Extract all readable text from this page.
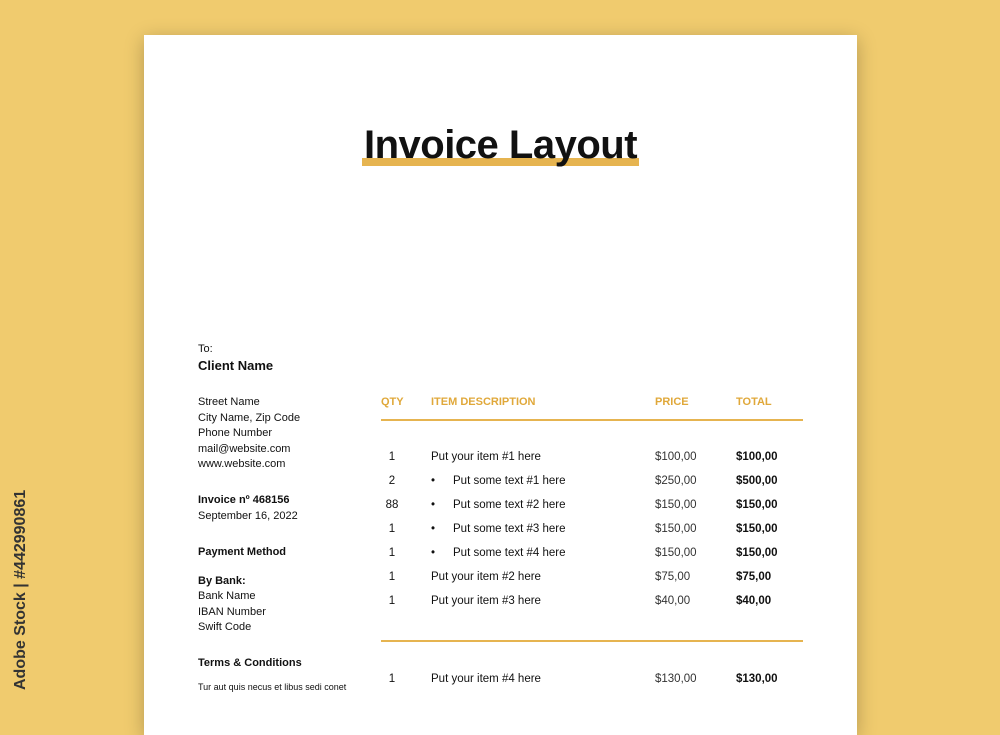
Adobe Stock | #442990861
Invoice Layout
To:
Client Name
Street Name
City Name, Zip Code
Phone Number
mail@website.com
www.website.com
Invoice nº 468156
September 16, 2022
Payment Method
By Bank:
Bank Name
IBAN Number
Swift Code
Terms & Conditions
Tur aut quis necus et libus sedi conet
QTY ITEM DESCRIPTION	PRICE	TOTAL
1	Put your item #1 here	$100,00	$100,00
2	• Put some text #1 here	$250,00	$500,00
88	• Put some text #2 here	$150,00	$150,00
1	• Put some text #3 here	$150,00	$150,00
1	• Put some text #4 here	$150,00	$150,00
1	Put your item #2 here	$75,00	$75,00
1	Put your item #3 here	$40,00	$40,00
1	Put your item #4 here	$130,00	$130,00
